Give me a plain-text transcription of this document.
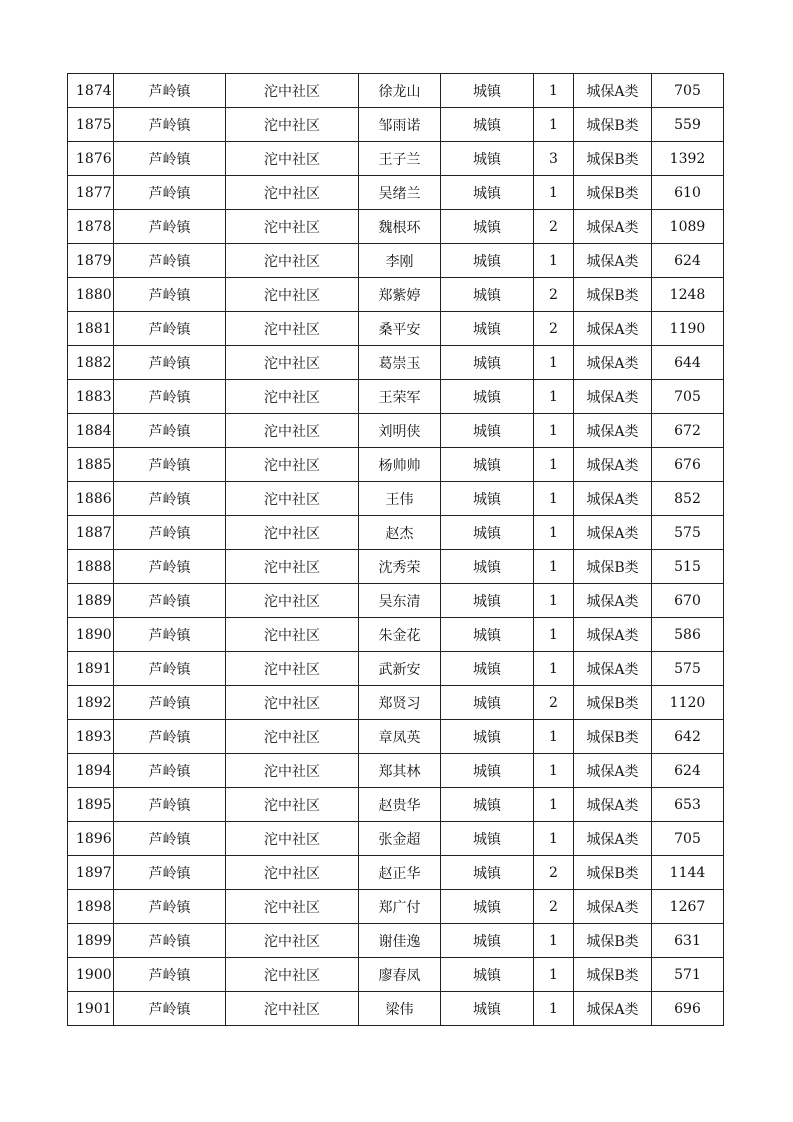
1874	芦岭镇	沱中社区	徐龙山	城镇	1	城保A类	705
1875	芦岭镇	沱中社区	邹雨诺	城镇	1	城保B类	559
1876	芦岭镇	沱中社区	王子兰	城镇	3	城保B类	1392
1877	芦岭镇	沱中社区	吴绪兰	城镇	1	城保B类	610
1878	芦岭镇	沱中社区	魏根环	城镇	2	城保A类	1089
1879	芦岭镇	沱中社区	李刚	城镇	1	城保A类	624
1880	芦岭镇	沱中社区	郑紫婷	城镇	2	城保B类	1248
1881	芦岭镇	沱中社区	桑平安	城镇	2	城保A类	1190
1882	芦岭镇	沱中社区	葛崇玉	城镇	1	城保A类	644
1883	芦岭镇	沱中社区	王荣军	城镇	1	城保A类	705
1884	芦岭镇	沱中社区	刘明侠	城镇	1	城保A类	672
1885	芦岭镇	沱中社区	杨帅帅	城镇	1	城保A类	676
1886	芦岭镇	沱中社区	王伟	城镇	1	城保A类	852
1887	芦岭镇	沱中社区	赵杰	城镇	1	城保A类	575
1888	芦岭镇	沱中社区	沈秀荣	城镇	1	城保B类	515
1889	芦岭镇	沱中社区	吴东清	城镇	1	城保A类	670
1890	芦岭镇	沱中社区	朱金花	城镇	1	城保A类	586
1891	芦岭镇	沱中社区	武新安	城镇	1	城保A类	575
1892	芦岭镇	沱中社区	郑贤习	城镇	2	城保B类	1120
1893	芦岭镇	沱中社区	章凤英	城镇	1	城保B类	642
1894	芦岭镇	沱中社区	郑其林	城镇	1	城保A类	624
1895	芦岭镇	沱中社区	赵贵华	城镇	1	城保A类	653
1896	芦岭镇	沱中社区	张金超	城镇	1	城保A类	705
1897	芦岭镇	沱中社区	赵正华	城镇	2	城保B类	1144
1898	芦岭镇	沱中社区	郑广付	城镇	2	城保A类	1267
1899	芦岭镇	沱中社区	谢佳逸	城镇	1	城保B类	631
1900	芦岭镇	沱中社区	廖春凤	城镇	1	城保B类	571
1901	芦岭镇	沱中社区	梁伟	城镇	1	城保A类	696
